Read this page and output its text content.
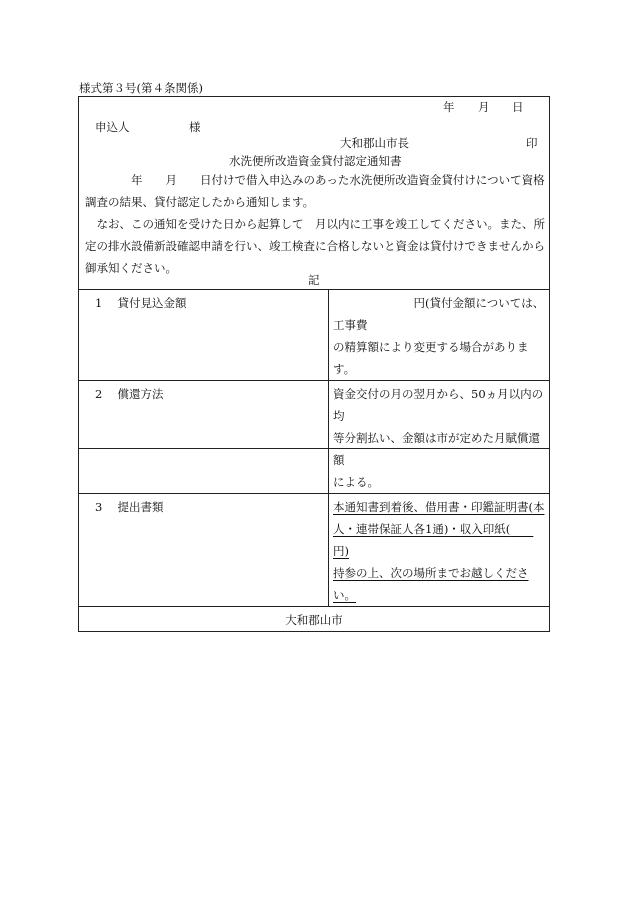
様式第３号(第４条関係)
年 月 日
申込人	様
大和郡山市長	印
水洗便所改造資金貸付認定通知書

　　　　年　　月　　日付けで借入申込みのあった水洗便所改造資金貸付けについて資格調査の結果、貸付認定したから通知します。

　なお、この通知を受けた日から起算して　月以内に工事を竣工してください。また、所定の排水設備新設確認申請を行い、竣工検査に合格しないと資金は貸付けできませんから御承知ください。

記
1　 貸付見込金額	　　　　　　　円(貸付金額については、工事費
の精算額により変更する場合があります。

2　 償還方法	資金交付の月の翌月から、50ヵ月以内の均
等分割払い、金額は市が定めた月賦償還額
による。

3　 提出書類	本通知書到着後、借用書・印鑑証明書(本
人・連帯保証人各1通)・収入印紙(　　円)
持参の上、次の場所までお越しください。

大和郡山市	
